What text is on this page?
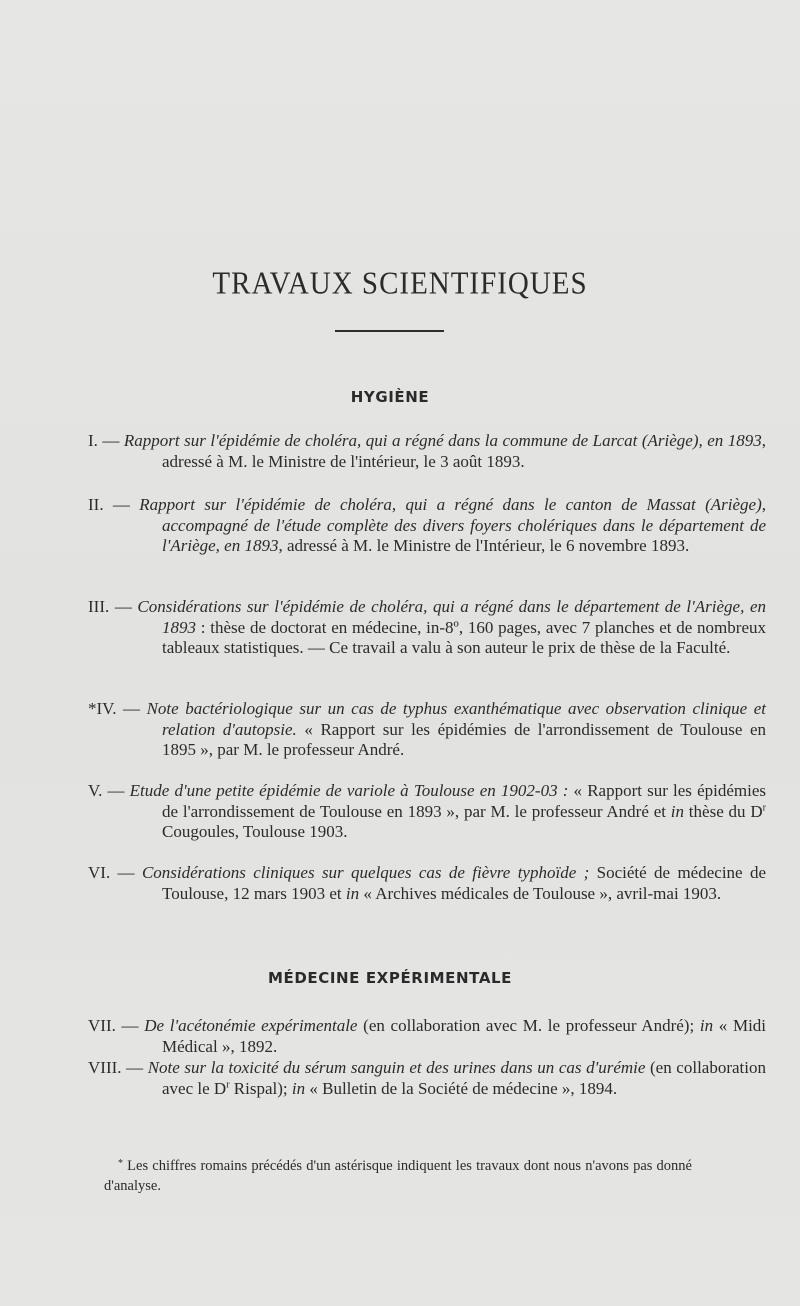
TRAVAUX SCIENTIFIQUES
HYGIÈNE
I. — Rapport sur l'épidémie de choléra, qui a régné dans la commune de Larcat (Ariège), en 1893, adressé à M. le Ministre de l'intérieur, le 3 août 1893.
II. — Rapport sur l'épidémie de choléra, qui a régné dans le canton de Massat (Ariège), accompagné de l'étude complète des divers foyers cholériques dans le département de l'Ariège, en 1893, adressé à M. le Ministre de l'Intérieur, le 6 novembre 1893.
III. — Considérations sur l'épidémie de choléra, qui a régné dans le département de l'Ariège, en 1893 : thèse de doctorat en médecine, in-8º, 160 pages, avec 7 planches et de nombreux tableaux statistiques. — Ce travail a valu à son auteur le prix de thèse de la Faculté.
*IV. — Note bactériologique sur un cas de typhus exanthématique avec observation clinique et relation d'autopsie. « Rapport sur les épidémies de l'arrondissement de Toulouse en 1895 », par M. le professeur André.
V. — Etude d'une petite épidémie de variole à Toulouse en 1902-03 : « Rapport sur les épidémies de l'arrondissement de Toulouse en 1893 », par M. le professeur André et in thèse du $D^r$ Cougoules, Toulouse 1903.
VI. — Considérations cliniques sur quelques cas de fièvre typhoïde ; Société de médecine de Toulouse, 12 mars 1903 et in « Archives médicales de Toulouse », avril-mai 1903.
MÉDECINE EXPÉRIMENTALE
VII. — De l'acétonémie expérimentale (en collaboration avec M. le professeur André); in « Midi Médical », 1892.
VIII. — Note sur la toxicité du sérum sanguin et des urines dans un cas d'urémie (en collaboration avec le $D^r$ Rispal); in « Bulletin de la Société de médecine », 1894.
* Les chiffres romains précédés d'un astérisque indiquent les travaux dont nous n'avons pas donné d'analyse.
